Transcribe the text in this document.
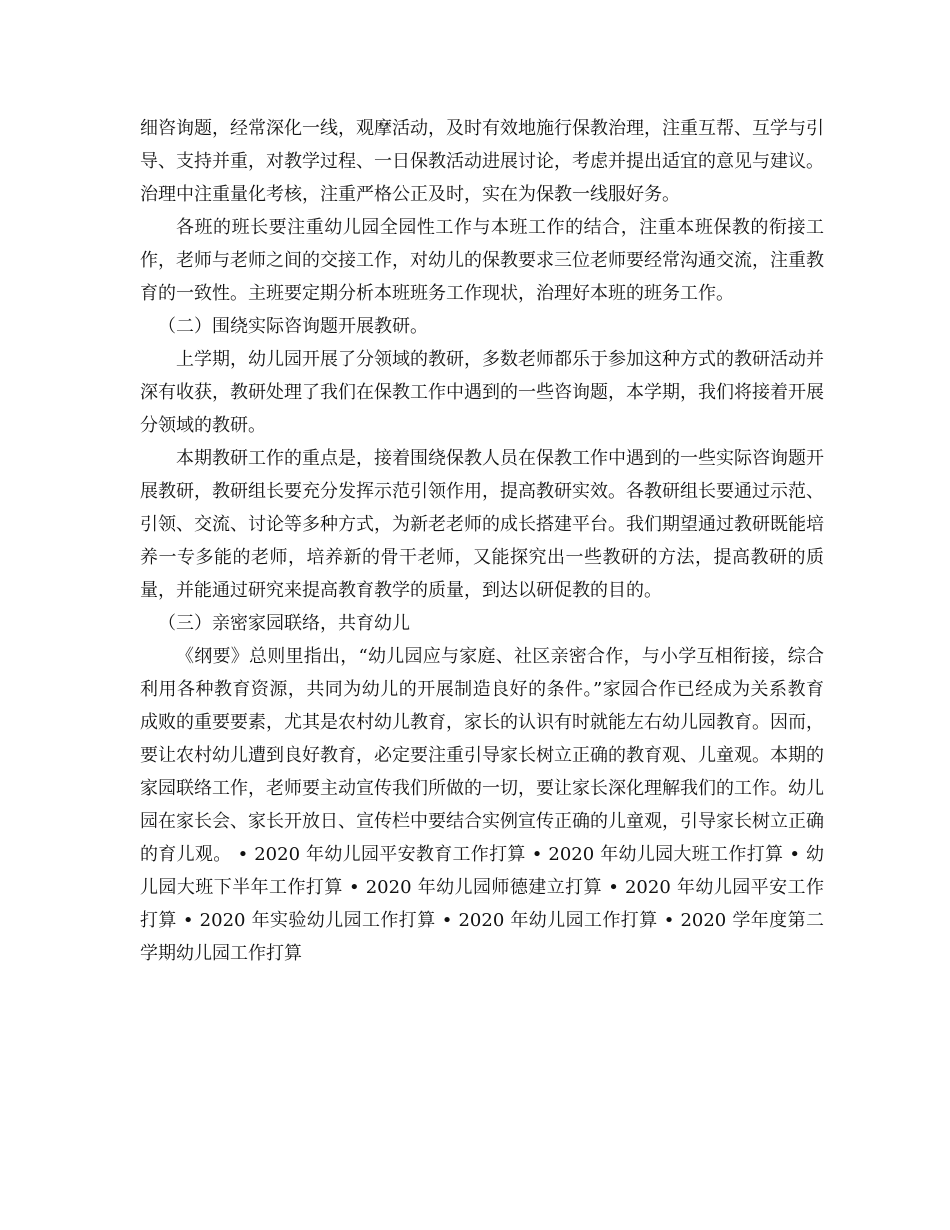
细咨询题，经常深化一线，观摩活动，及时有效地施行保教治理，注重互帮、互学与引导、支持并重，对教学过程、一日保教活动进展讨论，考虑并提出适宜的意见与建议。治理中注重量化考核，注重严格公正及时，实在为保教一线服好务。

各班的班长要注重幼儿园全园性工作与本班工作的结合，注重本班保教的衔接工作，老师与老师之间的交接工作，对幼儿的保教要求三位老师要经常沟通交流，注重教育的一致性。主班要定期分析本班班务工作现状，治理好本班的班务工作。

（二）围绕实际咨询题开展教研。

上学期，幼儿园开展了分领域的教研，多数老师都乐于参加这种方式的教研活动并深有收获，教研处理了我们在保教工作中遇到的一些咨询题，本学期，我们将接着开展分领域的教研。

本期教研工作的重点是，接着围绕保教人员在保教工作中遇到的一些实际咨询题开展教研，教研组长要充分发挥示范引领作用，提高教研实效。各教研组长要通过示范、引领、交流、讨论等多种方式，为新老老师的成长搭建平台。我们期望通过教研既能培养一专多能的老师，培养新的骨干老师，又能探究出一些教研的方法，提高教研的质量，并能通过研究来提高教育教学的质量，到达以研促教的目的。

（三）亲密家园联络，共育幼儿

《纲要》总则里指出，“幼儿园应与家庭、社区亲密合作，与小学互相衔接，综合利用各种教育资源，共同为幼儿的开展制造良好的条件。”家园合作已经成为关系教育成败的重要要素，尤其是农村幼儿教育，家长的认识有时就能左右幼儿园教育。因而，要让农村幼儿遭到良好教育，必定要注重引导家长树立正确的教育观、儿童观。本期的家园联络工作，老师要主动宣传我们所做的一切，要让家长深化理解我们的工作。幼儿园在家长会、家长开放日、宣传栏中要结合实例宣传正确的儿童观，引导家长树立正确的育儿观。 • 2020 年幼儿园平安教育工作打算 • 2020 年幼儿园大班工作打算 • 幼儿园大班下半年工作打算 • 2020 年幼儿园师德建立打算 • 2020 年幼儿园平安工作打算 • 2020 年实验幼儿园工作打算 • 2020 年幼儿园工作打算 • 2020 学年度第二学期幼儿园工作打算
